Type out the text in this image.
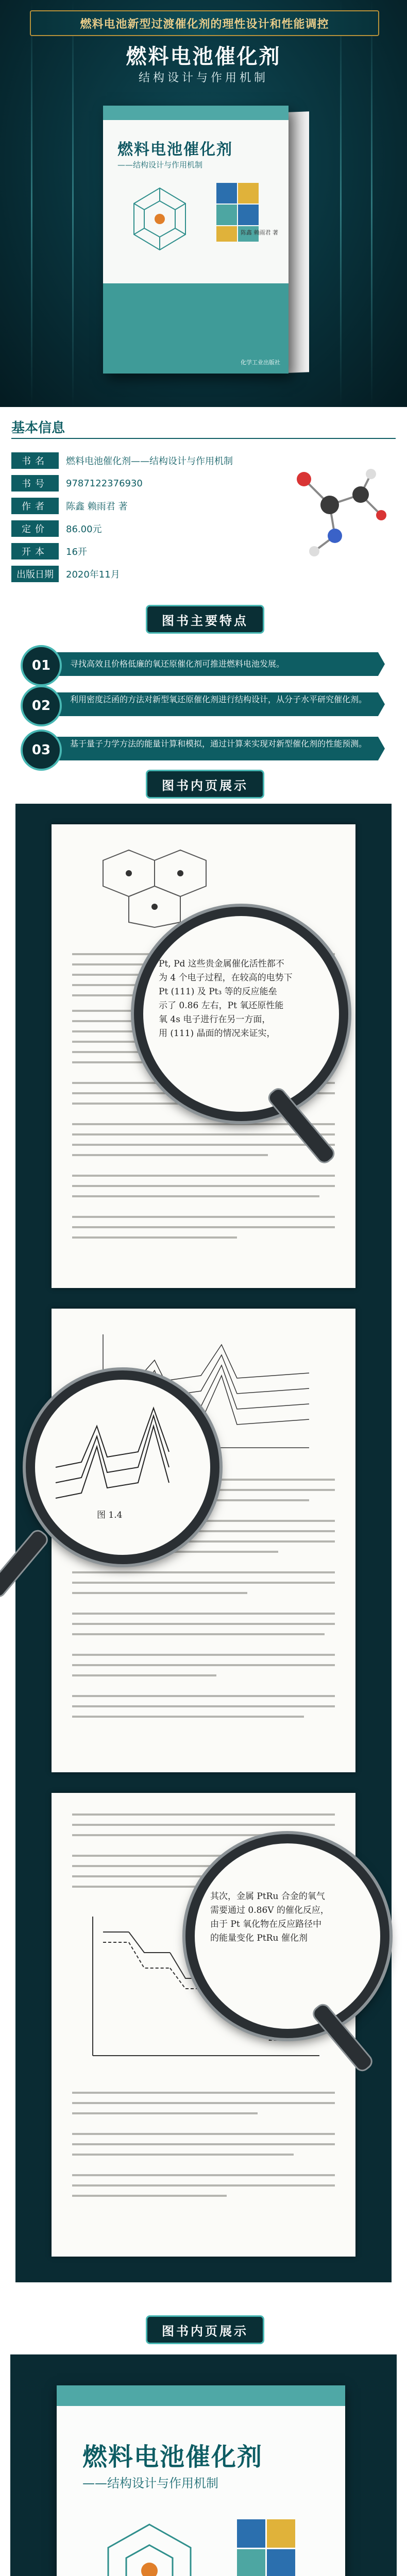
燃料电池新型过渡催化剂的理性设计和性能调控
燃料电池催化剂
结构设计与作用机制
燃料电池催化剂
——结构设计与作用机制
陈鑫 赖雨君 著
化学工业出版社
基本信息
书名	燃料电池催化剂——结构设计与作用机制
书号	9787122376930
作者	陈鑫 赖雨君 著
定价	86.00元
开本	16开
出版日期	2020年11月
图书主要特点
寻找高效且价格低廉的氧还原催化剂可推进燃料电池发展。
01
利用密度泛函的方法对新型氧还原催化剂进行结构设计，从分子水平研究催化剂。
02
基于量子力学方法的能量计算和模拟，通过计算来实现对新型催化剂的性能预测。
03
图书内页展示
Pt, Pd 这些贵金属催化活性都不
为 4 个电子过程，在较高的电势下
Pt (111) 及 Pt₃ 等的反应能垒
示了 0.86 左右，Pt 氧还原性能
氧 4s 电子进行在另一方面，
用 (111) 晶面的情况来证实，
图 1.4
其次，金属 PtRu 合金的氧气
需要通过 0.86V 的催化反应，
由于 Pt 氧化物在反应路径中
的能量变化 PtRu 催化剂
图书内页展示
燃料电池催化剂
——结构设计与作用机制
